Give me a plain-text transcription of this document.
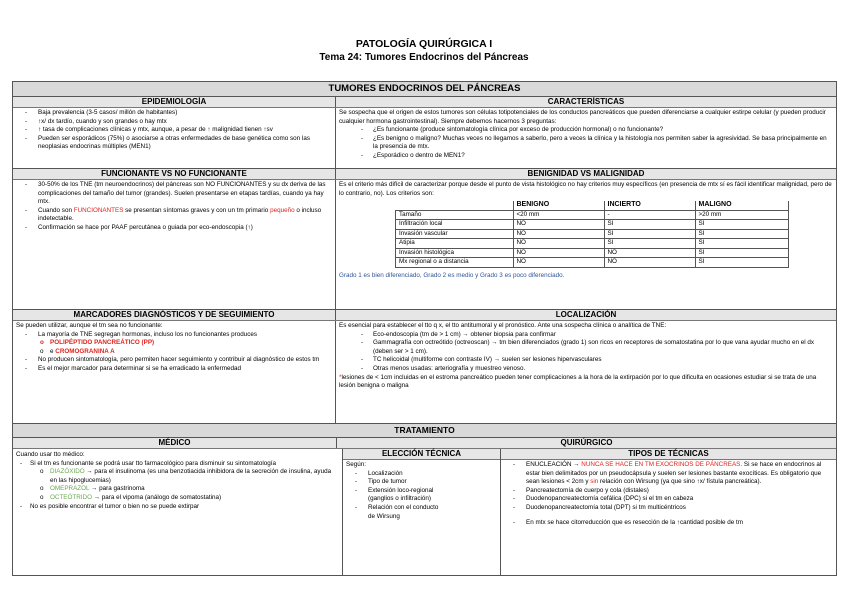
PATOLOGÍA QUIRÚRGICA I
Tema 24: Tumores Endocrinos del Páncreas
TUMORES ENDOCRINOS DEL PÁNCREAS
EPIDEMIOLOGÍA	CARACTERÍSTICAS
- Baja prevalencia (3-5 casos/ millón de habitantes)
- ↑x/ dx tardío, cuando y son grandes o hay mtx
- ↑ tasa de complicaciones clínicas y mtx, aunque, a pesar de ↑ malignidad tienen ↑sv
- Pueden ser esporádicos (75%) o asociarse a otras enfermedades de base genética como son las neoplasias endocrinas múltiples (MEN1)
Se sospecha que el origen de estos tumores son células totipotenciales de los conductos pancreáticos que pueden diferenciarse a cualquier estirpe celular (y pueden producir cualquier hormona gastrointestinal). Siempre debemos hacernos 3 preguntas:
- ¿Es funcionante (produce sintomatología clínica por exceso de producción hormonal) o no funcionante?
- ¿Es benigno o maligno? Muchas veces no llegamos a saberlo, pero a veces la clínica y la histología nos permiten saber la agresividad. Se basa principalmente en la presencia de mtx.
- ¿Esporádico o dentro de MEN1?
FUNCIONANTE VS NO FUNCIONANTE	BENIGNIDAD VS MALIGNIDAD
- 30-50% de los TNE (tm neuroendocrinos) del páncreas son NO FUNCIONANTES y su dx deriva de las complicaciones del tamaño del tumor (grandes). Suelen presentarse en etapas tardías, cuando ya hay mtx.
- Cuando son FUNCIONANTES se presentan síntomas graves y con un tm primario pequeño o incluso indetectable.
- Confirmación se hace por PAAF percutánea o guiada por eco-endoscopia (↑)
Es el criterio más difícil de caracterizar porque desde el punto de vista histológico no hay criterios muy específicos (en presencia de mtx sí es fácil identificar malignidad, pero de lo contrario, no). Los criterios son:
	BENIGNO	INCIERTO	MALIGNO
Tamaño	<20 mm	-	>20 mm
Infiltración local	NO	SI	SI
Invasión vascular	NO	SI	SI
Atipia	NO	SI	SI
Invasión histológica	NO	NO	SI
Mx regional o a distancia	NO	NO	SI
Grado 1 es bien diferenciado, Grado 2 es medio y Grado 3 es poco diferenciado.
MARCADORES DIAGNÓSTICOS Y DE SEGUIMIENTO	LOCALIZACIÓN
Se pueden utilizar, aunque el tm sea no funcionante:
- La mayoría de TNE segregan hormonas, incluso los no funcionantes produces
o POLIPÉPTIDO PANCREÁTICO (PP)
o e CROMOGRANINA A
- No producen sintomatología, pero permiten hacer seguimiento y contribuir al diagnóstico de estos tm
- Es el mejor marcador para determinar si se ha erradicado la enfermedad
Es esencial para establecer el tto q x, el tto antitumoral y el pronóstico. Ante una sospecha clínica o analítica de TNE:
- Eco-endoscopia (tm de > 1 cm) → obtener biopsia para confirmar
- Gammagrafía con octreótido (octreoscan) → tm bien diferenciados (grado 1) son ricos en receptores de somatostatina por lo que vana ayudar mucho en el dx (deben ser > 1 cm).
- TC helicoidal (multiforme con contraste IV) → suelen ser lesiones hipervasculares
- Otras menos usadas: arteriografía y muestreo venoso.
*lesiones de < 1cm incluidas en el estroma pancreático pueden tener complicaciones a la hora de la extirpación por lo que dificulta en ocasiones estudiar si se trata de una lesión benigna o maligna
TRATAMIENTO
MÉDICO	QUIRÚRGICO
Cuando usar tto médico:
- Si el tm es funcionante se podrá usar tto farmacológico para disminuir su sintomatología
o DIAZÓXIDO → para el insulinoma (es una benzotiacida inhibidora de la secreción de insulina, ayuda en las hipoglucemias)
o OMEPRAZOL → para gastrinoma
o OCTEÓTRIDO → para el vipoma (análogo de somatostatina)
- No es posible encontrar el tumor o bien no se puede extirpar
ELECCIÓN TÉCNICA
Según:
- Localización
- Tipo de tumor
- Extensión loco-regional (ganglios o infiltración)
- Relación con el conducto de Wirsung
TIPOS DE TÉCNICAS
- ENUCLEACIÓN → NUNCA SE HACE EN TM EXOCRINOS DE PÁNCREAS. Si se hace en endocrinos al estar bien delimitados por un pseudocápsula y suelen ser lesiones bastante exocíticas. Es obligatorio que sean lesiones < 2cm y sin relación con Wirsung (ya que sino ↑x/ fístula pancreática).
- Pancreatectomía de cuerpo y cola (distales)
- Duodenopancreatectomía cefálica (DPC) si el tm en cabeza
- Duodenopancreatectomía total (DPT) si tm multicéntricos
- En mtx se hace citorreducción que es resección de la ↑cantidad posible de tm
